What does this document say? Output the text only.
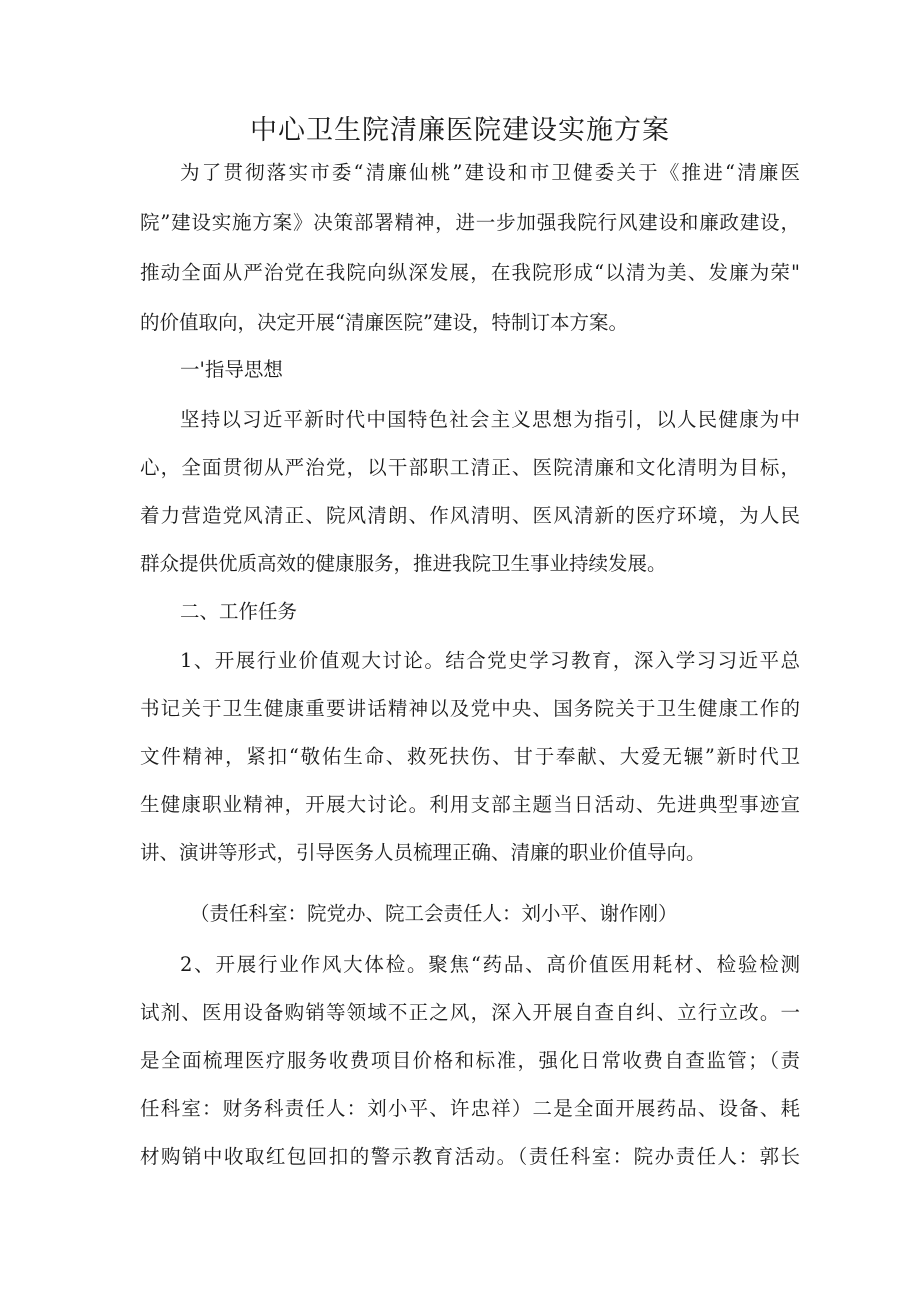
中心卫生院清廉医院建设实施方案
为了贯彻落实市委“清廉仙桃”建设和市卫健委关于《推进“清廉医
院”建设实施方案》决策部署精神，进一步加强我院行风建设和廉政建设，
推动全面从严治党在我院向纵深发展，在我院形成“以清为美、发廉为荣"
的价值取向，决定开展“清廉医院”建设，特制订本方案。
一'指导思想
坚持以习近平新时代中国特色社会主义思想为指引，以人民健康为中
心，全面贯彻从严治党，以干部职工清正、医院清廉和文化清明为目标，
着力营造党风清正、院风清朗、作风清明、医风清新的医疗环境，为人民
群众提供优质高效的健康服务，推进我院卫生事业持续发展。
二、工作任务
1、开展行业价值观大讨论。结合党史学习教育，深入学习习近平总
书记关于卫生健康重要讲话精神以及党中央、国务院关于卫生健康工作的
文件精神，紧扣“敬佑生命、救死扶伤、甘于奉献、大爱无辗”新时代卫
生健康职业精神，开展大讨论。利用支部主题当日活动、先进典型事迹宣
讲、演讲等形式，引导医务人员梳理正确、清廉的职业价值导向。
（责任科室：院党办、院工会责任人：刘小平、谢作刚）
2、开展行业作风大体检。聚焦“药品、高价值医用耗材、检验检测
试剂、医用设备购销等领域不正之风，深入开展自查自纠、立行立改。一
是全面梳理医疗服务收费项目价格和标准，强化日常收费自查监管；（责
任科室：财务科责任人：刘小平、许忠祥）二是全面开展药品、设备、耗
材购销中收取红包回扣的警示教育活动。（责任科室：院办责任人：郭长
